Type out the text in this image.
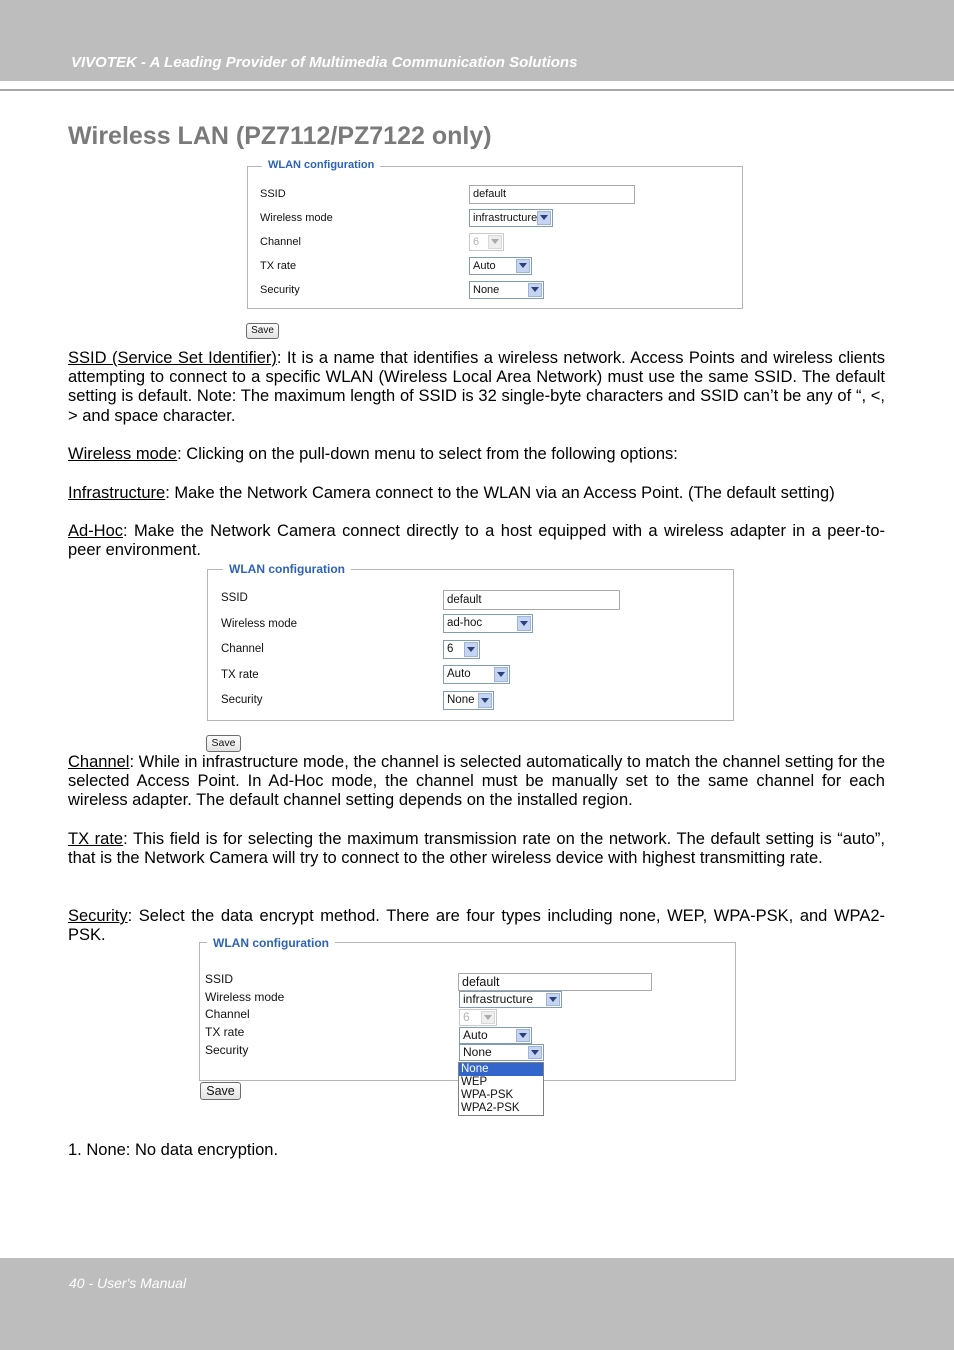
VIVOTEK - A Leading Provider of Multimedia Communication Solutions
Wireless LAN (PZ7112/PZ7122 only)
WLAN configuration
SSID
Wireless mode
Channel
TX rate
Security
default
infrastructure
6
Auto
None
Save
SSID (Service Set Identifier): It is a name that identifies a wireless network. Access Points and wireless clients attempting to connect to a specific WLAN (Wireless Local Area Network) must use the same SSID. The default setting is default. Note: The maximum length of SSID is 32 single-byte characters and SSID can’t be any of “, <, > and space character.
Wireless mode: Clicking on the pull-down menu to select from the following options:
Infrastructure: Make the Network Camera connect to the WLAN via an Access Point. (The default setting)
Ad-Hoc: Make the Network Camera connect directly to a host equipped with a wireless adapter in a peer-to-peer environment.
WLAN configuration
SSID
Wireless mode
Channel
TX rate
Security
default
ad-hoc
6
Auto
None
Save
Channel: While in infrastructure mode, the channel is selected automatically to match the channel setting for the selected Access Point. In Ad-Hoc mode, the channel must be manually set to the same channel for each wireless adapter. The default channel setting depends on the installed region.
TX rate: This field is for selecting the maximum transmission rate on the network. The default setting is “auto”, that is the Network Camera will try to connect to the other wireless device with highest transmitting rate.
Security: Select the data encrypt method. There are four types including none, WEP, WPA-PSK, and WPA2-PSK.	WLAN configuration
SSID
Wireless mode
Channel
TX rate
Security
default
infrastructure
6
Auto
None
None
WEP
WPA-PSK
WPA2-PSK
Save
1. None: No data encryption.
40 - User's Manual
